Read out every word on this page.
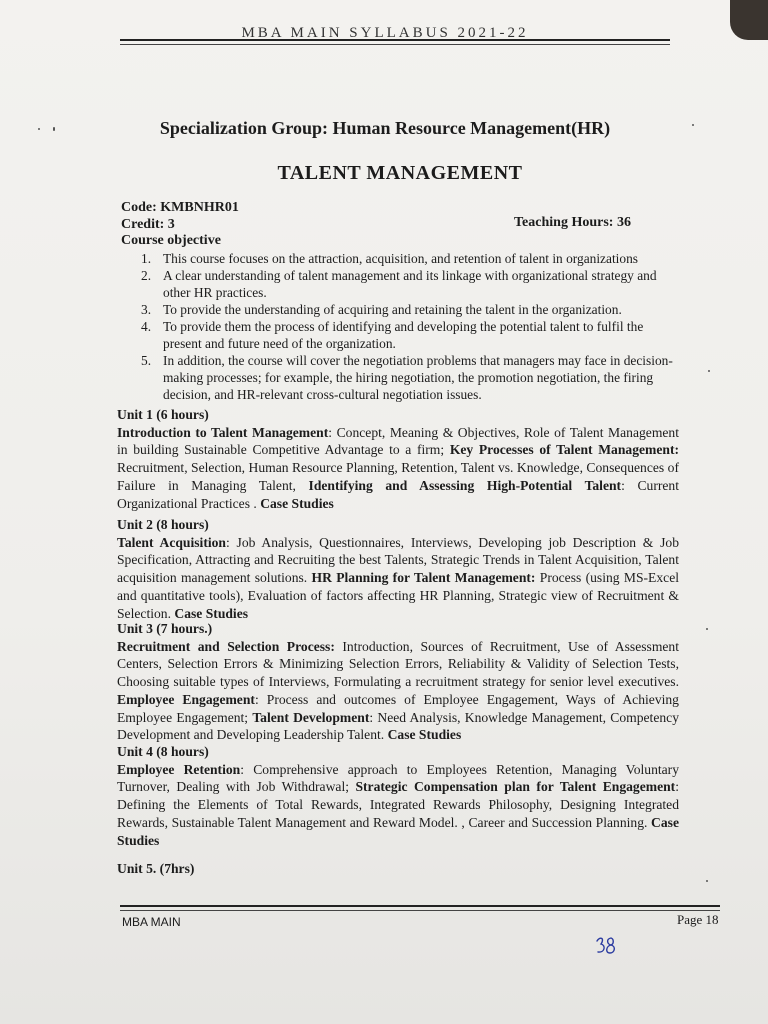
MBA MAIN SYLLABUS 2021-22
Specialization Group: Human Resource Management(HR)
TALENT MANAGEMENT
Code: KMBNHR01
Credit: 3	Teaching Hours: 36
Course objective
1. This course focuses on the attraction, acquisition, and retention of talent in organizations
2. A clear understanding of talent management and its linkage with organizational strategy and other HR practices.
3. To provide the understanding of acquiring and retaining the talent in the organization.
4. To provide them the process of identifying and developing the potential talent to fulfil the present and future need of the organization.
5. In addition, the course will cover the negotiation problems that managers may face in decision-making processes; for example, the hiring negotiation, the promotion negotiation, the firing decision, and HR-relevant cross-cultural negotiation issues.
Unit 1 (6 hours)
Introduction to Talent Management: Concept, Meaning & Objectives, Role of Talent Management in building Sustainable Competitive Advantage to a firm; Key Processes of Talent Management: Recruitment, Selection, Human Resource Planning, Retention, Talent vs. Knowledge, Consequences of Failure in Managing Talent, Identifying and Assessing High-Potential Talent: Current Organizational Practices . Case Studies
Unit 2 (8 hours)
Talent Acquisition: Job Analysis, Questionnaires, Interviews, Developing job Description & Job Specification, Attracting and Recruiting the best Talents, Strategic Trends in Talent Acquisition, Talent acquisition management solutions. HR Planning for Talent Management: Process (using MS-Excel and quantitative tools), Evaluation of factors affecting HR Planning, Strategic view of Recruitment & Selection. Case Studies
Unit 3 (7 hours.)
Recruitment and Selection Process: Introduction, Sources of Recruitment, Use of Assessment Centers, Selection Errors & Minimizing Selection Errors, Reliability & Validity of Selection Tests, Choosing suitable types of Interviews, Formulating a recruitment strategy for senior level executives. Employee Engagement: Process and outcomes of Employee Engagement, Ways of Achieving Employee Engagement; Talent Development: Need Analysis, Knowledge Management, Competency Development and Developing Leadership Talent. Case Studies
Unit 4 (8 hours)
Employee Retention: Comprehensive approach to Employees Retention, Managing Voluntary Turnover, Dealing with Job Withdrawal; Strategic Compensation plan for Talent Engagement: Defining the Elements of Total Rewards, Integrated Rewards Philosophy, Designing Integrated Rewards, Sustainable Talent Management and Reward Model. , Career and Succession Planning. Case Studies
Unit 5. (7hrs)
MBA MAIN	Page 18
